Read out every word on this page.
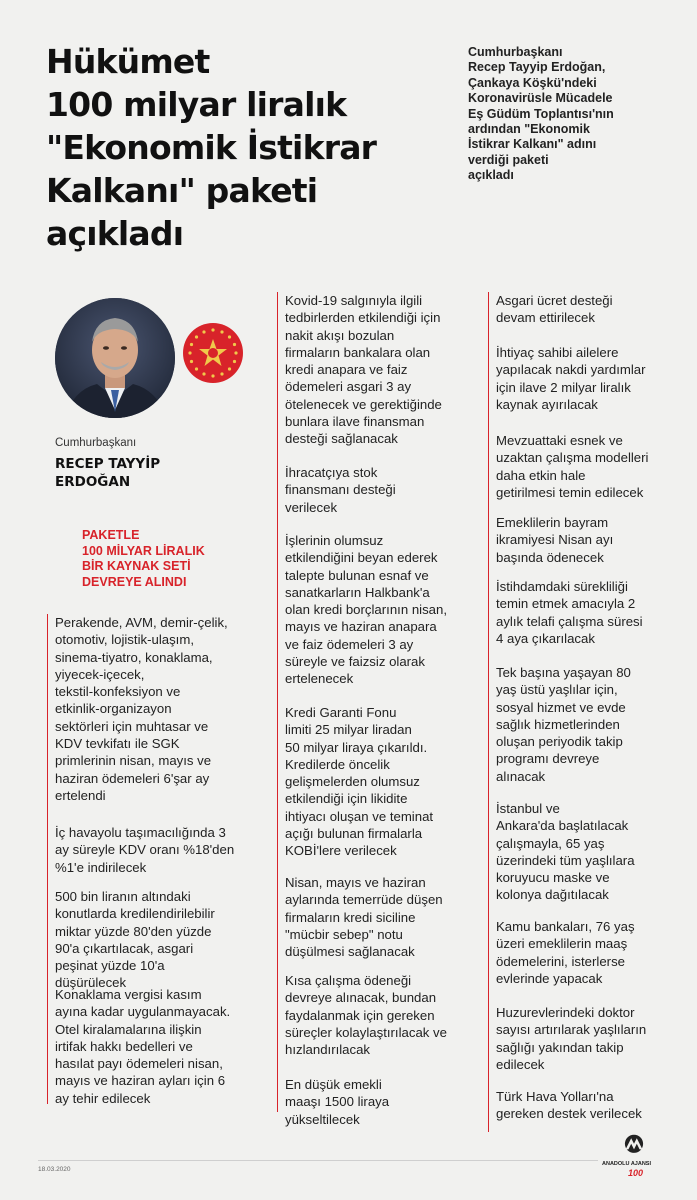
Hükümet
100 milyar liralık
"Ekonomik İstikrar
Kalkanı" paketi
açıkladı
Cumhurbaşkanı
Recep Tayyip Erdoğan,
Çankaya Köşkü'ndeki
Koronavirüsle Mücadele
Eş Güdüm Toplantısı'nın
ardından "Ekonomik
İstikrar Kalkanı" adını
verdiği paketi
açıkladı
Cumhurbaşkanı
RECEP TAYYİP
ERDOĞAN
PAKETLE
100 MİLYAR LİRALIK
BİR KAYNAK SETİ
DEVREYE ALINDI
Perakende, AVM, demir-çelik,
otomotiv, lojistik-ulaşım,
sinema-tiyatro, konaklama,
yiyecek-içecek,
tekstil-konfeksiyon ve
etkinlik-organizayon
sektörleri için muhtasar ve
KDV tevkifatı ile SGK
primlerinin nisan, mayıs ve
haziran ödemeleri 6'şar ay
ertelendi
İç havayolu taşımacılığında 3
ay süreyle KDV oranı %18'den
%1'e indirilecek
500 bin liranın altındaki
konutlarda kredilendirilebilir
miktar yüzde 80'den yüzde
90'a çıkartılacak, asgari
peşinat yüzde 10'a
düşürülecek
Konaklama vergisi kasım
ayına kadar uygulanmayacak.
Otel kiralamalarına ilişkin
irtifak hakkı bedelleri ve
hasılat payı ödemeleri nisan,
mayıs ve haziran ayları için 6
ay tehir edilecek
Kovid-19 salgınıyla ilgili
tedbirlerden etkilendiği için
nakit akışı bozulan
firmaların bankalara olan
kredi anapara ve faiz
ödemeleri asgari 3 ay
ötelenecek ve gerektiğinde
bunlara ilave finansman
desteği sağlanacak
İhracatçıya stok
finansmanı desteği
verilecek
İşlerinin olumsuz
etkilendiğini beyan ederek
talepte bulunan esnaf ve
sanatkarların Halkbank'a
olan kredi borçlarının nisan,
mayıs ve haziran anapara
ve faiz ödemeleri 3 ay
süreyle ve faizsiz olarak
ertelenecek
Kredi Garanti Fonu
limiti 25 milyar liradan
50 milyar liraya çıkarıldı.
Kredilerde öncelik
gelişmelerden olumsuz
etkilendiği için likidite
ihtiyacı oluşan ve teminat
açığı bulunan firmalarla
KOBİ'lere verilecek
Nisan, mayıs ve haziran
aylarında temerrüde düşen
firmaların kredi siciline
"mücbir sebep" notu
düşülmesi sağlanacak
Kısa çalışma ödeneği
devreye alınacak, bundan
faydalanmak için gereken
süreçler kolaylaştırılacak ve
hızlandırılacak
En düşük emekli
maaşı 1500 liraya
yükseltilecek
Asgari ücret desteği
devam ettirilecek
İhtiyaç sahibi ailelere
yapılacak nakdi yardımlar
için ilave 2 milyar liralık
kaynak ayırılacak
Mevzuattaki esnek ve
uzaktan çalışma modelleri
daha etkin hale
getirilmesi temin edilecek
Emeklilerin bayram
ikramiyesi Nisan ayı
başında ödenecek
İstihdamdaki sürekliliği
temin etmek amacıyla 2
aylık telafi çalışma süresi
4 aya çıkarılacak
Tek başına yaşayan 80
yaş üstü yaşlılar için,
sosyal hizmet ve evde
sağlık hizmetlerinden
oluşan periyodik takip
programı devreye
alınacak
İstanbul ve
Ankara'da başlatılacak
çalışmayla, 65 yaş
üzerindeki tüm yaşlılara
koruyucu maske ve
kolonya dağıtılacak
Kamu bankaları, 76 yaş
üzeri emeklilerin maaş
ödemelerini, isterlerse
evlerinde yapacak
Huzurevlerindeki doktor
sayısı artırılarak yaşlıların
sağlığı yakından takip
edilecek
Türk Hava Yolları'na
gereken destek verilecek
18.03.2020
ANADOLU AJANSI
100
